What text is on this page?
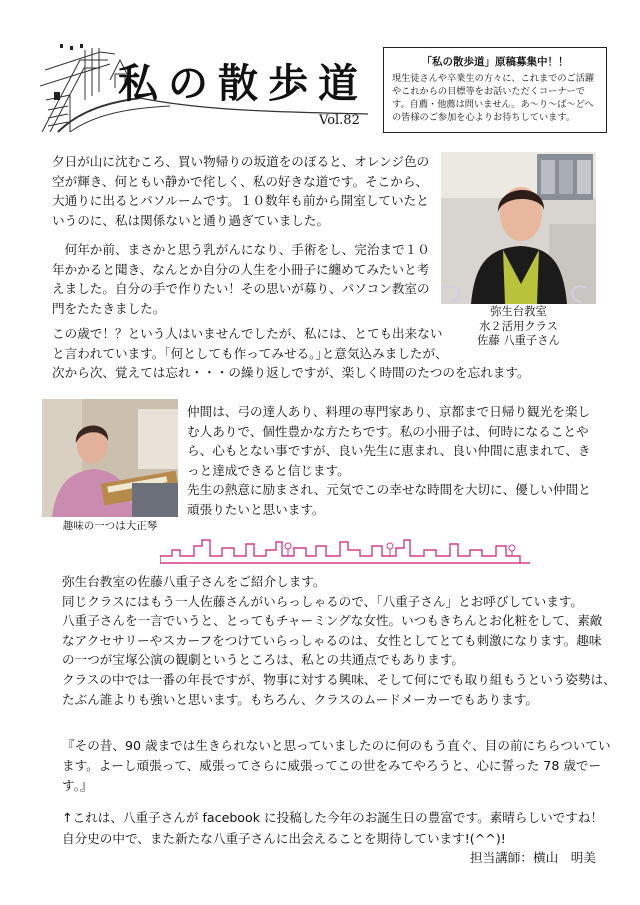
私の散歩道
Vol.82

「私の散歩道」原稿募集中！！

現生徒さんや卒業生の方々に、これまでのご活躍やこれからの目標等をお話いただくコーナーです。自薦・他薦は問いません。あ～り～ば～どへの皆様のご参加を心よりお待ちしています。

弥生台教室
水２活用クラス
佐藤 八重子さん

夕日が山に沈むころ、買い物帰りの坂道をのぼると、オレンジ色の
空が輝き、何ともい静かで侘しく、私の好きな道です。そこから、
大通りに出るとパソルームです。１０数年も前から開室していたと
いうのに、私は関係ないと通り過ぎていました。

　何年か前、まさかと思う乳がんになり、手術をし、完治まで１０
年かかると聞き、なんとか自分の人生を小冊子に纏めてみたいと考
えました。自分の手で作りたい！その思いが募り、パソコン教室の
門をたたきました。

この歳で！？という人はいませんでしたが、私には、とても出来ない
と言われています。｢何としても作ってみせる。｣と意気込みましたが、
次から次、覚えては忘れ・・・の繰り返しですが、楽しく時間のたつのを忘れます。

趣味の一つは大正琴

仲間は、弓の達人あり、料理の専門家あり、京都まで日帰り観光を楽し
む人ありで、個性豊かな方たちです。私の小冊子は、何時になることや
ら、心もとない事ですが、良い先生に恵まれ、良い仲間に恵まれて、き
っと達成できると信じます。
先生の熱意に励まされ、元気でこの幸せな時間を大切に、優しい仲間と
頑張りたいと思います。

弥生台教室の佐藤八重子さんをご紹介します。
同じクラスにはもう一人佐藤さんがいらっしゃるので、「八重子さん」とお呼びしています。
八重子さんを一言でいうと、とってもチャーミングな女性。いつもきちんとお化粧をして、素敵
なアクセサリーやスカーフをつけていらっしゃるのは、女性としてとても刺激になります。趣味
の一つが宝塚公演の観劇というところは、私との共通点でもあります。
クラスの中では一番の年長ですが、物事に対する興味、そして何にでも取り組もうという姿勢は、
たぶん誰よりも強いと思います。もちろん、クラスのムードメーカーでもあります。

『その昔、90 歳までは生きられないと思っていましたのに何のもう直ぐ、目の前にちらついてい
ます。よーし頑張って、威張ってさらに威張ってこの世をみてやろうと、心に誓った 78 歳でー
す。』

↑これは、八重子さんが facebook に投稿した今年のお誕生日の豊富です。素晴らしいですね！
自分史の中で、また新たな八重子さんに出会えることを期待しています!(^^)!

担当講師：横山　明美
